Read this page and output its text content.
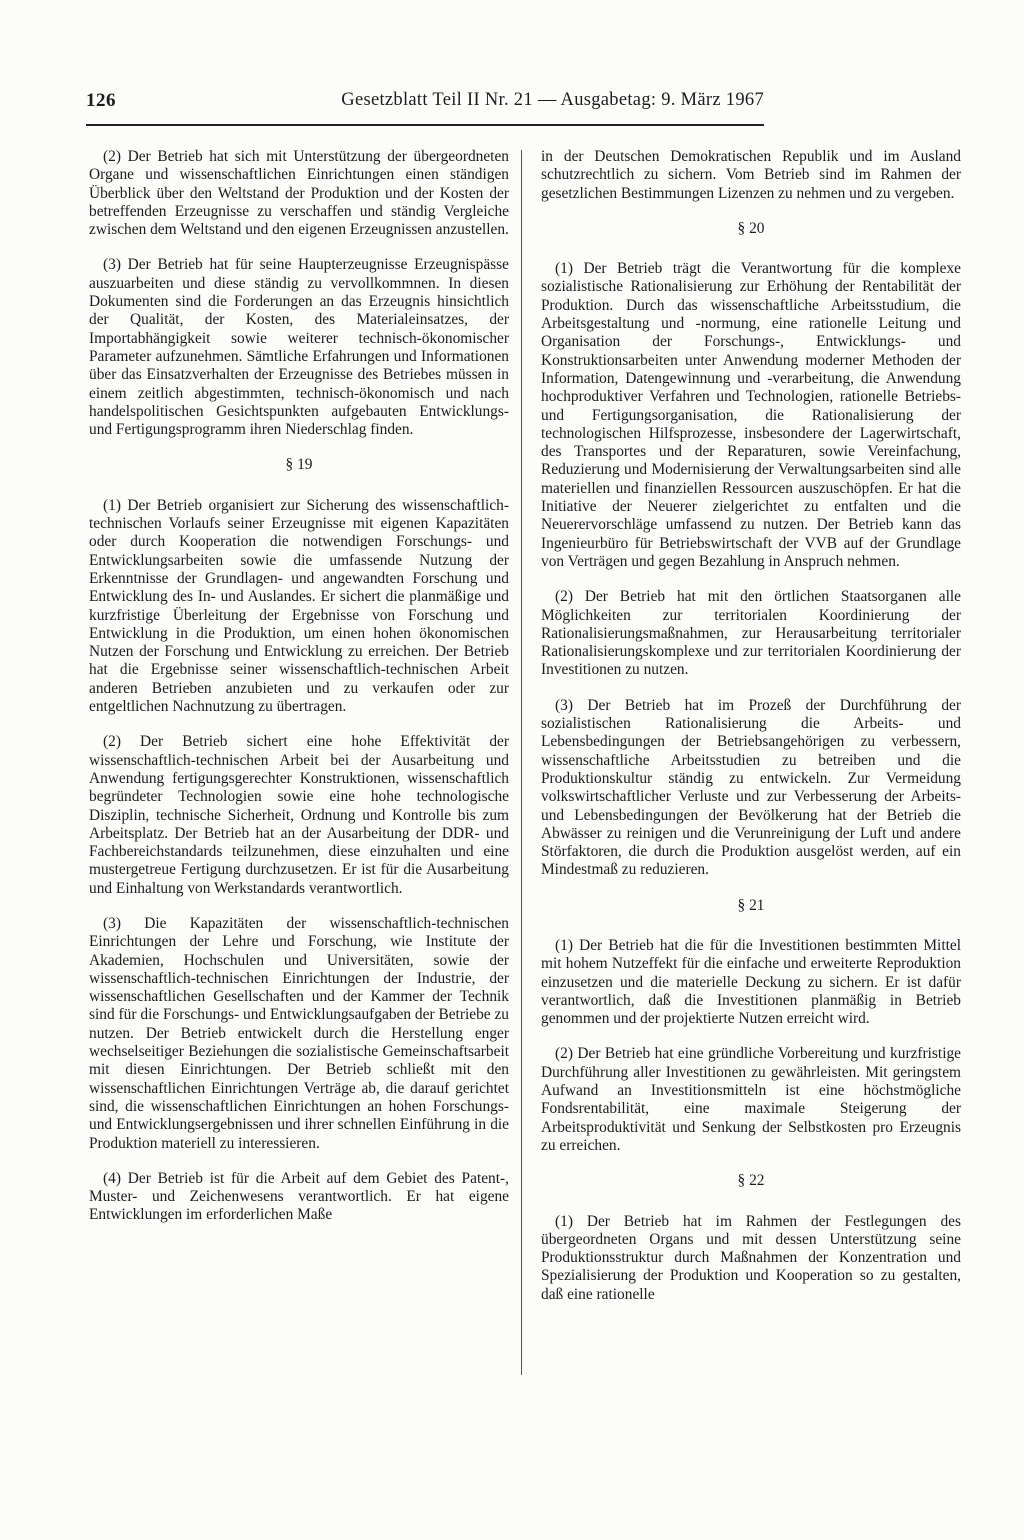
126	Gesetzblatt Teil II Nr. 21 — Ausgabetag: 9. März 1967

(2) Der Betrieb hat sich mit Unterstützung der übergeordneten Organe und wissenschaftlichen Einrichtungen einen ständigen Überblick über den Weltstand der Produktion und der Kosten der betreffenden Erzeugnisse zu verschaffen und ständig Vergleiche zwischen dem Weltstand und den eigenen Erzeugnissen anzustellen.

(3) Der Betrieb hat für seine Haupterzeugnisse Erzeugnispässe auszuarbeiten und diese ständig zu vervollkommnen. In diesen Dokumenten sind die Forderungen an das Erzeugnis hinsichtlich der Qualität, der Kosten, des Materialeinsatzes, der Importabhängigkeit sowie weiterer technisch-ökonomischer Parameter aufzunehmen. Sämtliche Erfahrungen und Informationen über das Einsatzverhalten der Erzeugnisse des Betriebes müssen in einem zeitlich abgestimmten, technisch-ökonomisch und nach handelspolitischen Gesichtspunkten aufgebauten Entwicklungs- und Fertigungsprogramm ihren Niederschlag finden.

§ 19

(1) Der Betrieb organisiert zur Sicherung des wissenschaftlich-technischen Vorlaufs seiner Erzeugnisse mit eigenen Kapazitäten oder durch Kooperation die notwendigen Forschungs- und Entwicklungsarbeiten sowie die umfassende Nutzung der Erkenntnisse der Grundlagen- und angewandten Forschung und Entwicklung des In- und Auslandes. Er sichert die planmäßige und kurzfristige Überleitung der Ergebnisse von Forschung und Entwicklung in die Produktion, um einen hohen ökonomischen Nutzen der Forschung und Entwicklung zu erreichen. Der Betrieb hat die Ergebnisse seiner wissenschaftlich-technischen Arbeit anderen Betrieben anzubieten und zu verkaufen oder zur entgeltlichen Nachnutzung zu übertragen.

(2) Der Betrieb sichert eine hohe Effektivität der wissenschaftlich-technischen Arbeit bei der Ausarbeitung und Anwendung fertigungsgerechter Konstruktionen, wissenschaftlich begründeter Technologien sowie eine hohe technologische Disziplin, technische Sicherheit, Ordnung und Kontrolle bis zum Arbeitsplatz. Der Betrieb hat an der Ausarbeitung der DDR- und Fachbereichstandards teilzunehmen, diese einzuhalten und eine mustergetreue Fertigung durchzusetzen. Er ist für die Ausarbeitung und Einhaltung von Werkstandards verantwortlich.

(3) Die Kapazitäten der wissenschaftlich-technischen Einrichtungen der Lehre und Forschung, wie Institute der Akademien, Hochschulen und Universitäten, sowie der wissenschaftlich-technischen Einrichtungen der Industrie, der wissenschaftlichen Gesellschaften und der Kammer der Technik sind für die Forschungs- und Entwicklungsaufgaben der Betriebe zu nutzen. Der Betrieb entwickelt durch die Herstellung enger wechselseitiger Beziehungen die sozialistische Gemeinschaftsarbeit mit diesen Einrichtungen. Der Betrieb schließt mit den wissenschaftlichen Einrichtungen Verträge ab, die darauf gerichtet sind, die wissenschaftlichen Einrichtungen an hohen Forschungs- und Entwicklungsergebnissen und ihrer schnellen Einführung in die Produktion materiell zu interessieren.

(4) Der Betrieb ist für die Arbeit auf dem Gebiet des Patent-, Muster- und Zeichenwesens verantwortlich. Er hat eigene Entwicklungen im erforderlichen Maße

in der Deutschen Demokratischen Republik und im Ausland schutzrechtlich zu sichern. Vom Betrieb sind im Rahmen der gesetzlichen Bestimmungen Lizenzen zu nehmen und zu vergeben.

§ 20

(1) Der Betrieb trägt die Verantwortung für die komplexe sozialistische Rationalisierung zur Erhöhung der Rentabilität der Produktion. Durch das wissenschaftliche Arbeitsstudium, die Arbeitsgestaltung und -normung, eine rationelle Leitung und Organisation der Forschungs-, Entwicklungs- und Konstruktionsarbeiten unter Anwendung moderner Methoden der Information, Datengewinnung und -verarbeitung, die Anwendung hochproduktiver Verfahren und Technologien, rationelle Betriebs- und Fertigungsorganisation, die Rationalisierung der technologischen Hilfsprozesse, insbesondere der Lagerwirtschaft, des Transportes und der Reparaturen, sowie Vereinfachung, Reduzierung und Modernisierung der Verwaltungsarbeiten sind alle materiellen und finanziellen Ressourcen auszuschöpfen. Er hat die Initiative der Neuerer zielgerichtet zu entfalten und die Neuerervorschläge umfassend zu nutzen. Der Betrieb kann das Ingenieurbüro für Betriebswirtschaft der VVB auf der Grundlage von Verträgen und gegen Bezahlung in Anspruch nehmen.

(2) Der Betrieb hat mit den örtlichen Staatsorganen alle Möglichkeiten zur territorialen Koordinierung der Rationalisierungsmaßnahmen, zur Herausarbeitung territorialer Rationalisierungskomplexe und zur territorialen Koordinierung der Investitionen zu nutzen.

(3) Der Betrieb hat im Prozeß der Durchführung der sozialistischen Rationalisierung die Arbeits- und Lebensbedingungen der Betriebsangehörigen zu verbessern, wissenschaftliche Arbeitsstudien zu betreiben und die Produktionskultur ständig zu entwickeln. Zur Vermeidung volkswirtschaftlicher Verluste und zur Verbesserung der Arbeits- und Lebensbedingungen der Bevölkerung hat der Betrieb die Abwässer zu reinigen und die Verunreinigung der Luft und andere Störfaktoren, die durch die Produktion ausgelöst werden, auf ein Mindestmaß zu reduzieren.

§ 21

(1) Der Betrieb hat die für die Investitionen bestimmten Mittel mit hohem Nutzeffekt für die einfache und erweiterte Reproduktion einzusetzen und die materielle Deckung zu sichern. Er ist dafür verantwortlich, daß die Investitionen planmäßig in Betrieb genommen und der projektierte Nutzen erreicht wird.

(2) Der Betrieb hat eine gründliche Vorbereitung und kurzfristige Durchführung aller Investitionen zu gewährleisten. Mit geringstem Aufwand an Investitionsmitteln ist eine höchstmögliche Fondsrentabilität, eine maximale Steigerung der Arbeitsproduktivität und Senkung der Selbstkosten pro Erzeugnis zu erreichen.

§ 22

(1) Der Betrieb hat im Rahmen der Festlegungen des übergeordneten Organs und mit dessen Unterstützung seine Produktionsstruktur durch Maßnahmen der Konzentration und Spezialisierung der Produktion und Kooperation so zu gestalten, daß eine rationelle
